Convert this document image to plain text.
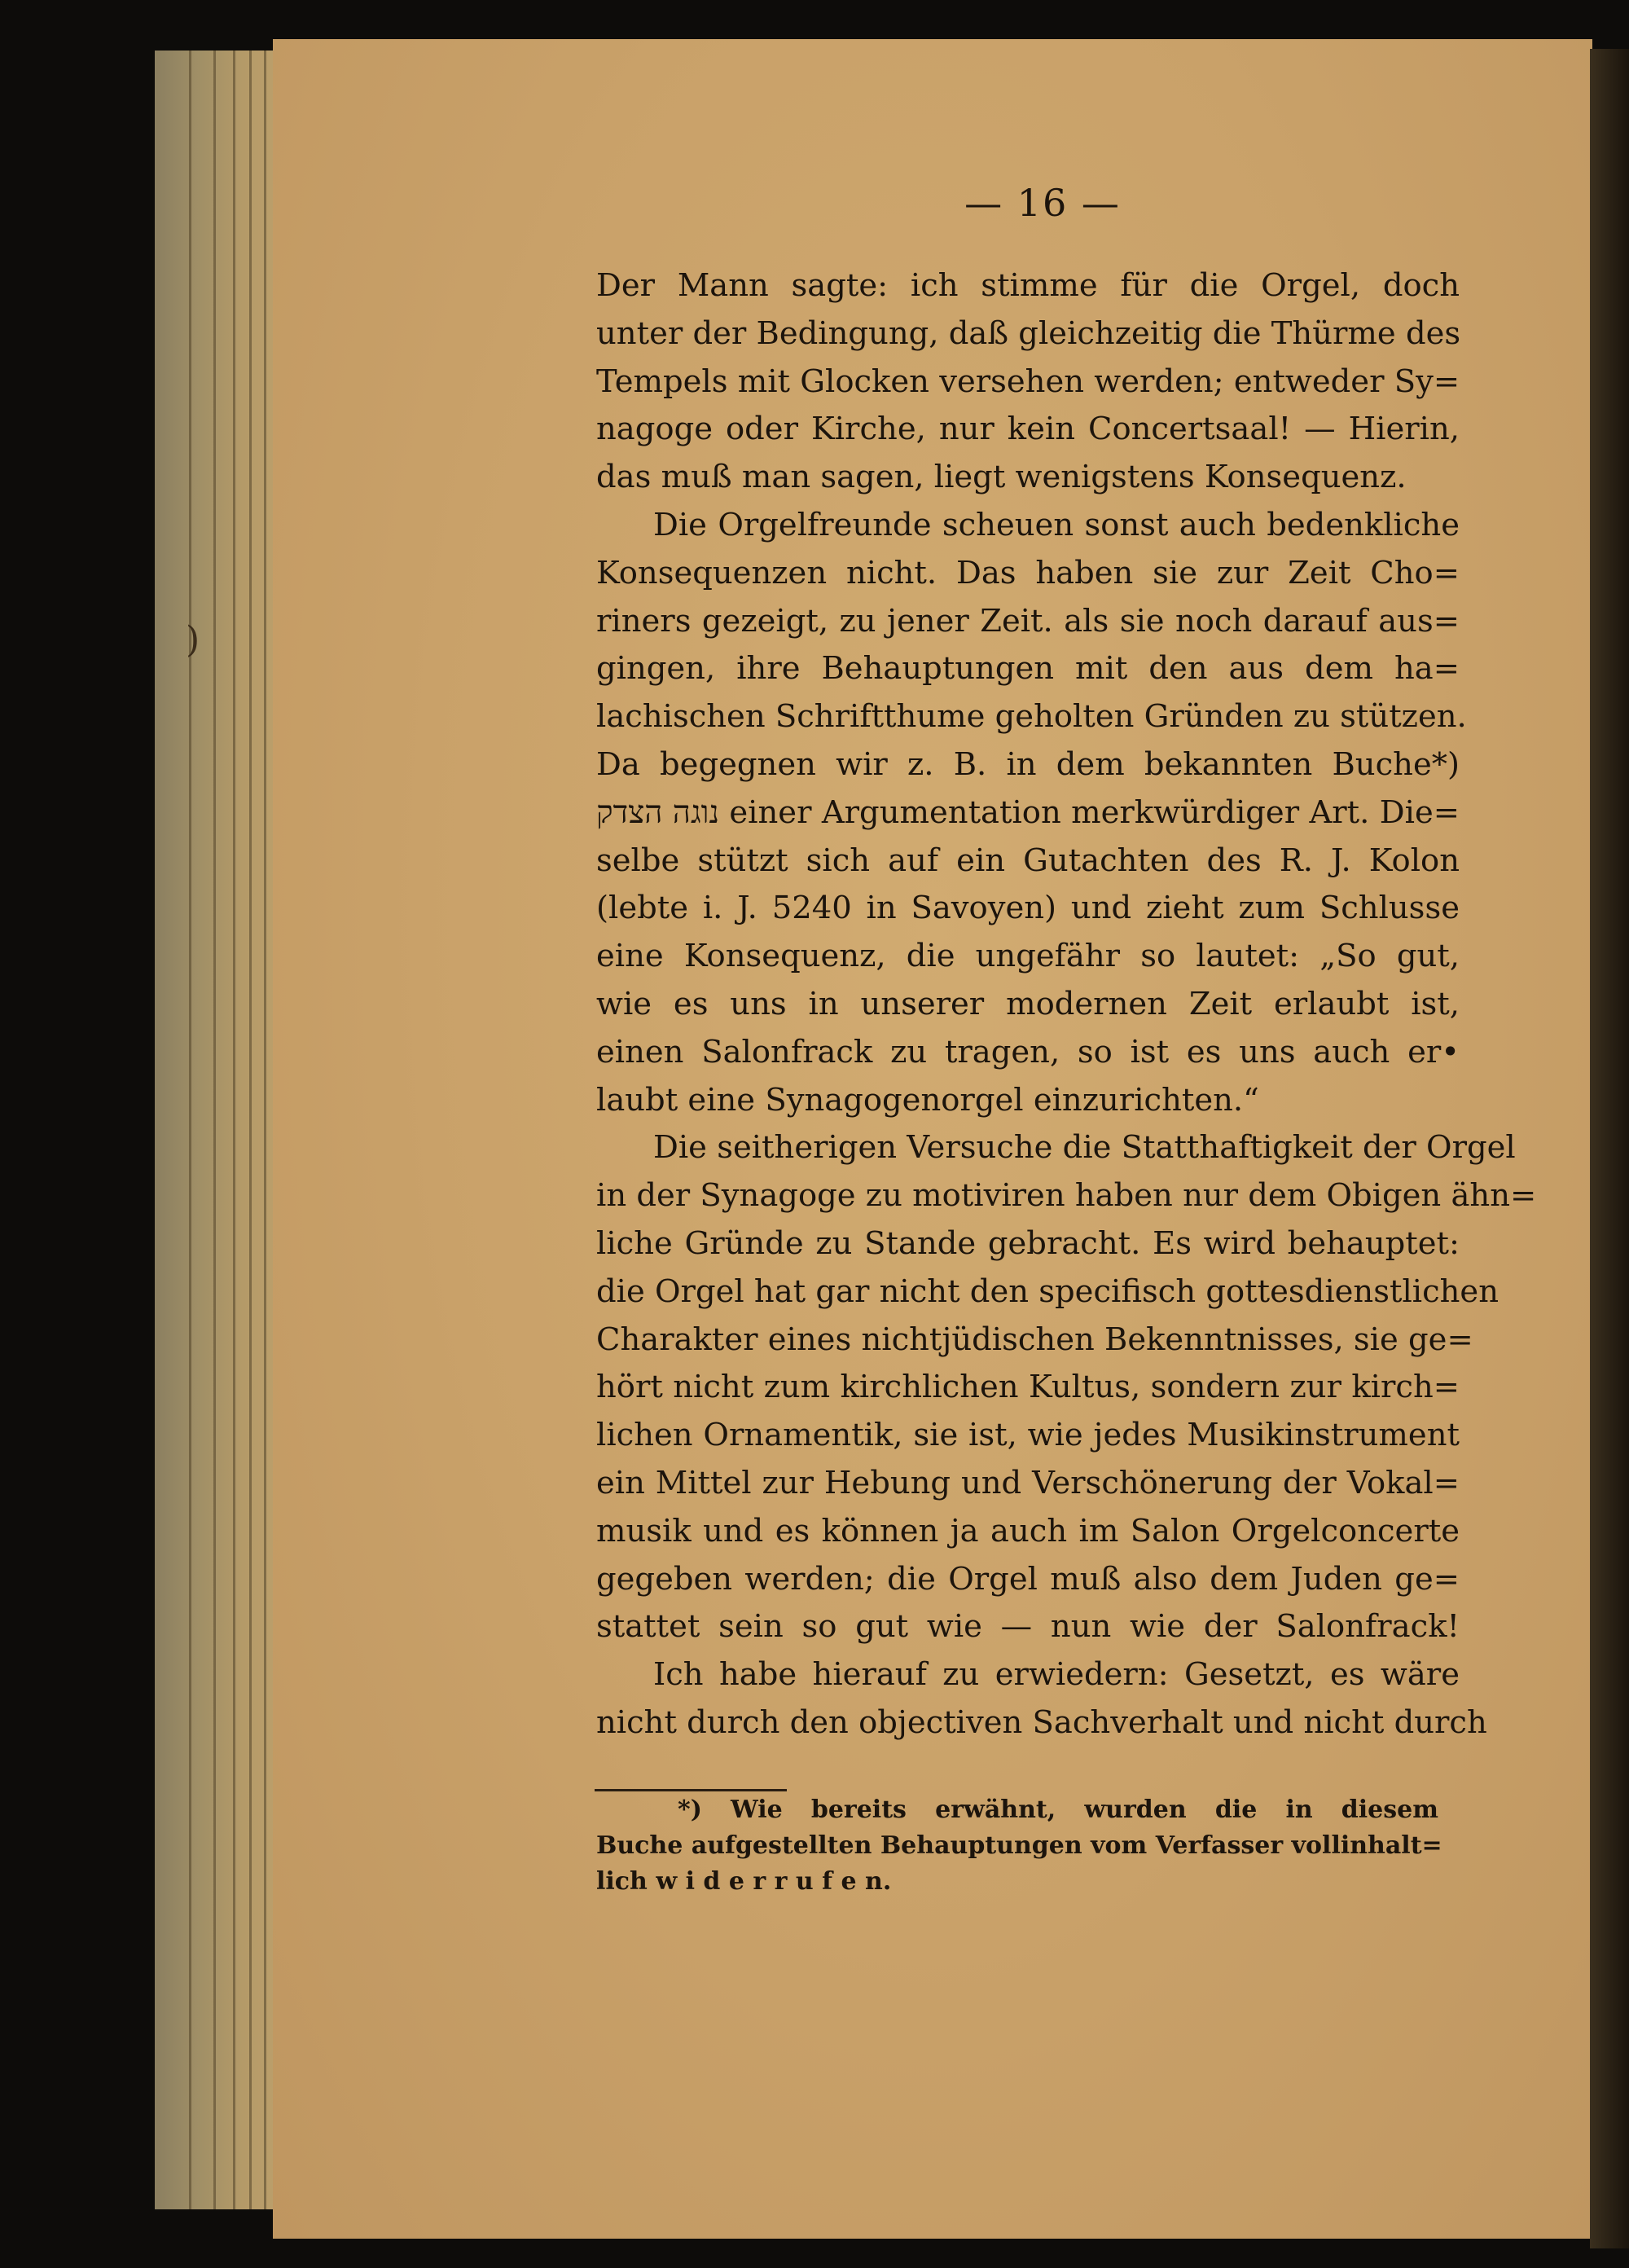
)
— 16 —
Der Mann sagte: ich stimme für die Orgel, doch
unter der Bedingung, daß gleichzeitig die Thürme des
Tempels mit Glocken versehen werden; entweder Sy=
nagoge oder Kirche, nur kein Concertsaal! — Hierin,
das muß man sagen, liegt wenigstens Konsequenz.
Die Orgelfreunde scheuen sonst auch bedenkliche
Konsequenzen nicht. Das haben sie zur Zeit Cho=
riners gezeigt, zu jener Zeit. als sie noch darauf aus=
gingen, ihre Behauptungen mit den aus dem ha=
lachischen Schriftthume geholten Gründen zu stützen.
Da begegnen wir z. B. in dem bekannten Buche*)
נוגה הצדק einer Argumentation merkwürdiger Art. Die=
selbe stützt sich auf ein Gutachten des R. J. Kolon
(lebte i. J. 5240 in Savoyen) und zieht zum Schlusse
eine Konsequenz, die ungefähr so lautet: „So gut,
wie es uns in unserer modernen Zeit erlaubt ist,
einen Salonfrack zu tragen, so ist es uns auch er•
laubt eine Synagogenorgel einzurichten.“
Die seitherigen Versuche die Statthaftigkeit der Orgel
in der Synagoge zu motiviren haben nur dem Obigen ähn=
liche Gründe zu Stande gebracht. Es wird behauptet:
die Orgel hat gar nicht den specifisch gottesdienstlichen
Charakter eines nichtjüdischen Bekenntnisses, sie ge=
hört nicht zum kirchlichen Kultus, sondern zur kirch=
lichen Ornamentik, sie ist, wie jedes Musikinstrument
ein Mittel zur Hebung und Verschönerung der Vokal=
musik und es können ja auch im Salon Orgelconcerte
gegeben werden; die Orgel muß also dem Juden ge=
stattet sein so gut wie — nun wie der Salonfrack!
Ich habe hierauf zu erwiedern: Gesetzt, es wäre
nicht durch den objectiven Sachverhalt und nicht durch
*) Wie bereits erwähnt, wurden die in diesem
Buche aufgestellten Behauptungen vom Verfasser vollinhalt=
lich w i d e r r u f e n.
